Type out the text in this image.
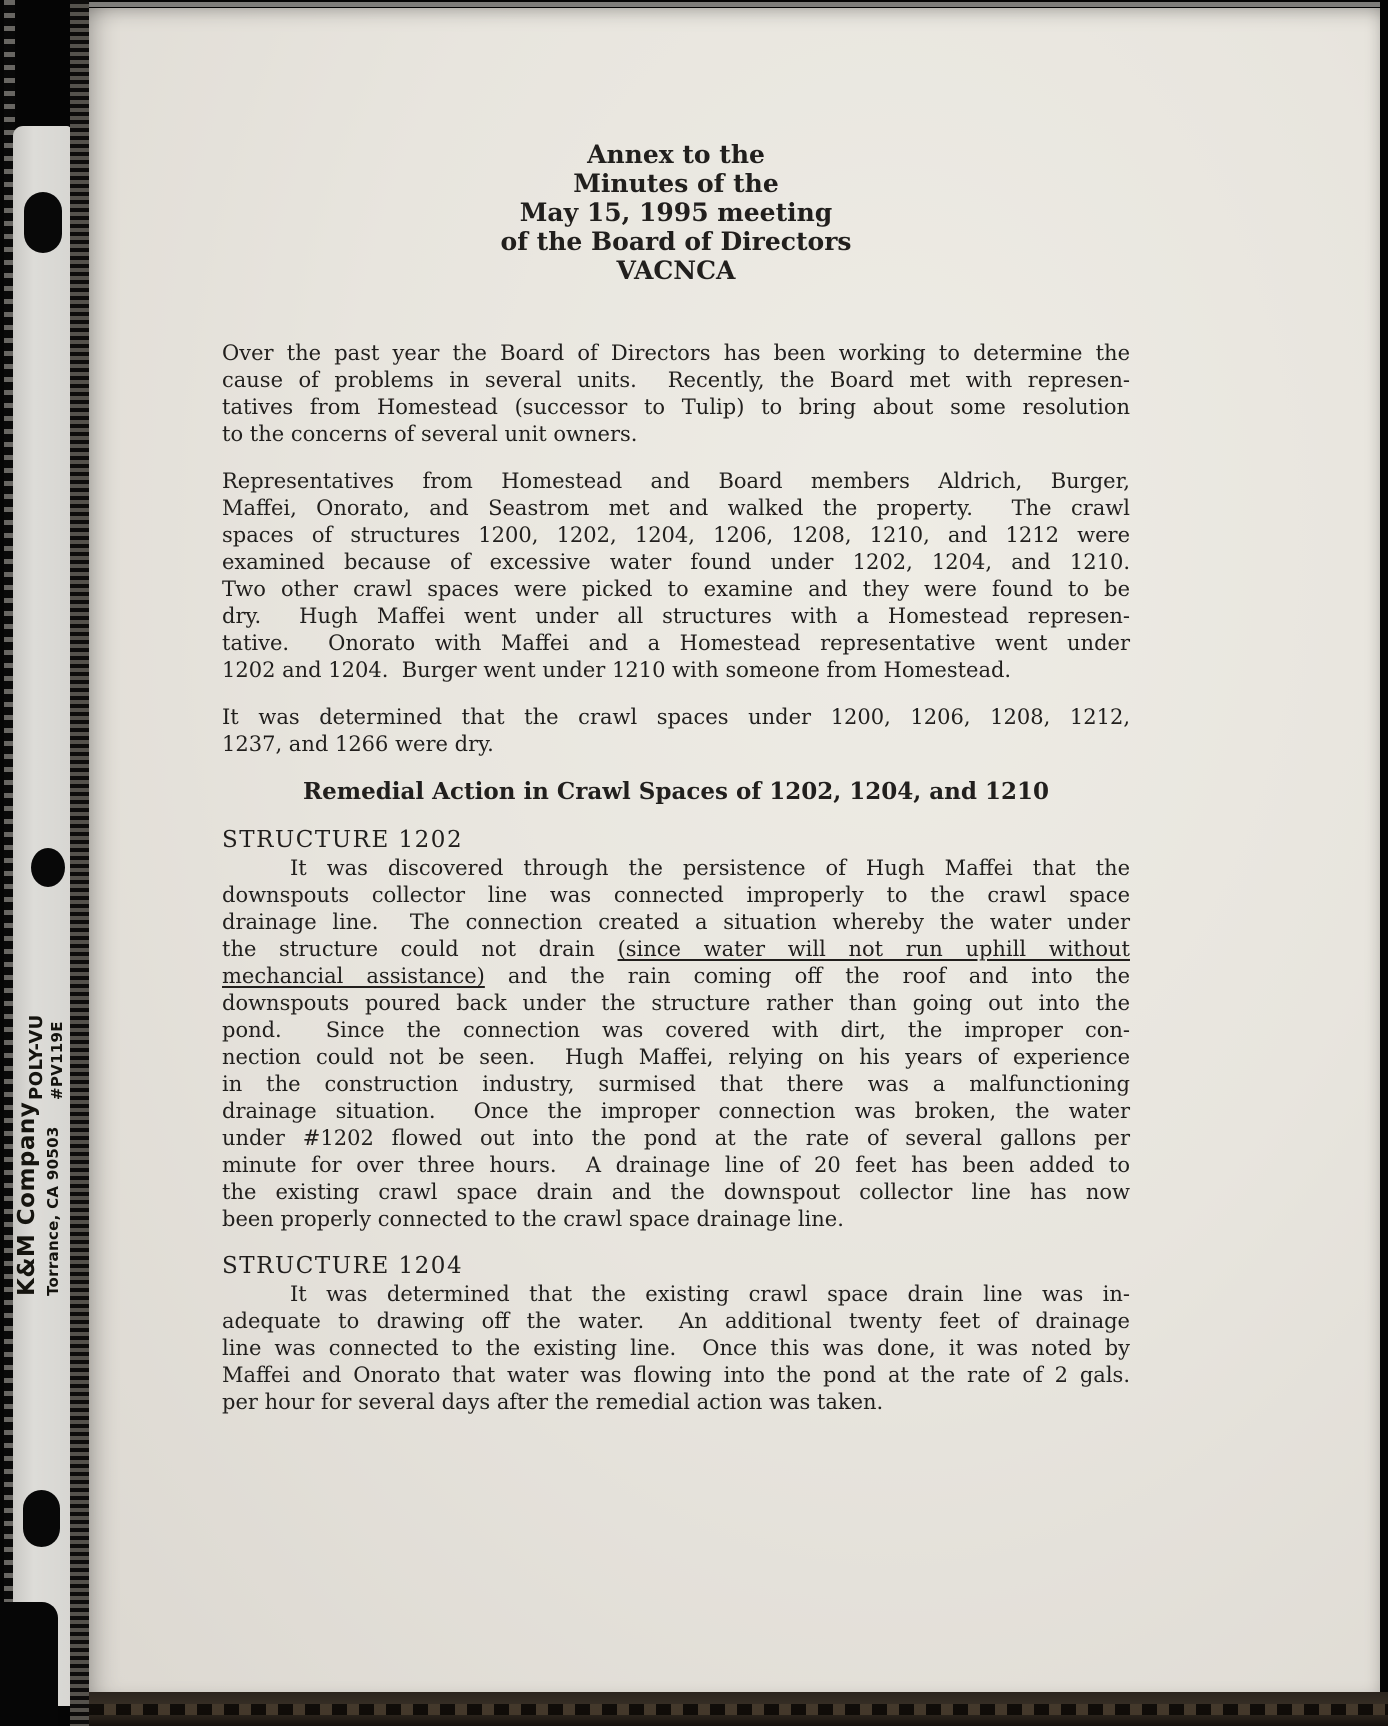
K&M Company Torrance, CA 90503
POLY-VU #PV119E
Annex to the
Minutes of the
May 15, 1995 meeting
of the Board of Directors
VACNCA
Over the past year the Board of Directors has been working to determine the
cause of problems in several units.  Recently, the Board met with represen-
tatives from Homestead (successor to Tulip) to bring about some resolution
to the concerns of several unit owners.
Representatives from Homestead and Board members Aldrich, Burger,
Maffei, Onorato, and Seastrom met and walked the property.  The crawl
spaces of structures 1200, 1202, 1204, 1206, 1208, 1210, and 1212 were
examined because of excessive water found under 1202, 1204, and 1210.
Two other crawl spaces were picked to examine and they were found to be
dry.  Hugh Maffei went under all structures with a Homestead represen-
tative.  Onorato with Maffei and a Homestead representative went under
1202 and 1204.  Burger went under 1210 with someone from Homestead.
It was determined that the crawl spaces under 1200, 1206, 1208, 1212,
1237, and 1266 were dry.
Remedial Action in Crawl Spaces of 1202, 1204, and 1210
STRUCTURE 1202
It was discovered through the persistence of Hugh Maffei that the
downspouts collector line was connected improperly to the crawl space
drainage line.  The connection created a situation whereby the water under
the structure could not drain (since water will not run uphill without
mechancial assistance) and the rain coming off the roof and into the
downspouts poured back under the structure rather than going out into the
pond.  Since the connection was covered with dirt, the improper con-
nection could not be seen.  Hugh Maffei, relying on his years of experience
in the construction industry, surmised that there was a malfunctioning
drainage situation.  Once the improper connection was broken, the water
under #1202 flowed out into the pond at the rate of several gallons per
minute for over three hours.  A drainage line of 20 feet has been added to
the existing crawl space drain and the downspout collector line has now
been properly connected to the crawl space drainage line.
STRUCTURE 1204
It was determined that the existing crawl space drain line was in-
adequate to drawing off the water.  An additional twenty feet of drainage
line was connected to the existing line.  Once this was done, it was noted by
Maffei and Onorato that water was flowing into the pond at the rate of 2 gals.
per hour for several days after the remedial action was taken.
